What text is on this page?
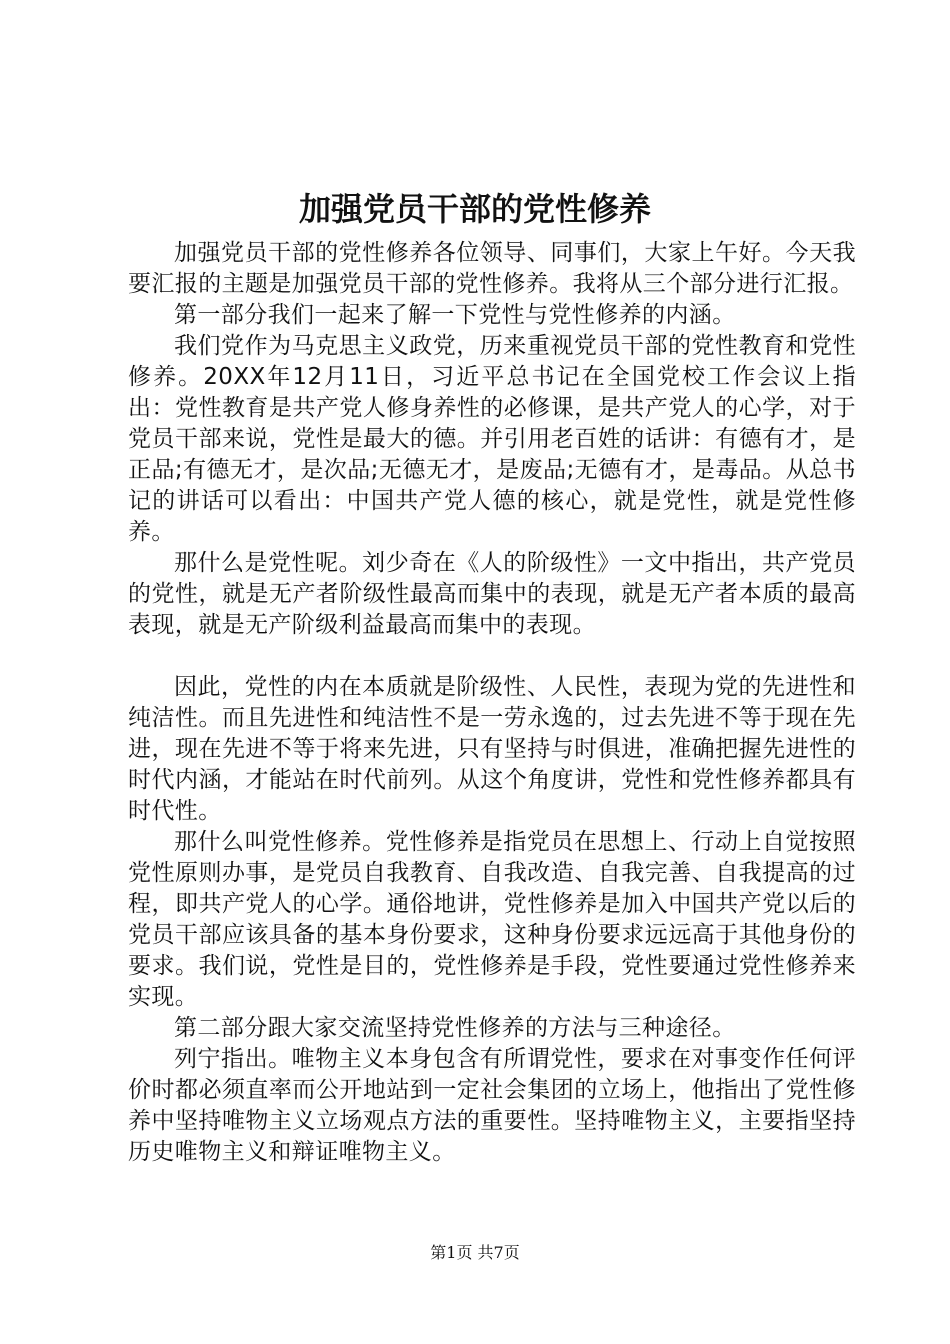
加强党员干部的党性修养

加强党员干部的党性修养各位领导、同事们，大家上午好。今天我要汇报的主题是加强党员干部的党性修养。我将从三个部分进行汇报。

第一部分我们一起来了解一下党性与党性修养的内涵。

我们党作为马克思主义政党，历来重视党员干部的党性教育和党性修养。20XX年12月11日，习近平总书记在全国党校工作会议上指出：党性教育是共产党人修身养性的必修课，是共产党人的心学，对于党员干部来说，党性是最大的德。并引用老百姓的话讲：有德有才，是正品;有德无才，是次品;无德无才，是废品;无德有才，是毒品。从总书记的讲话可以看出：中国共产党人德的核心，就是党性，就是党性修养。

那什么是党性呢。刘少奇在《人的阶级性》一文中指出，共产党员的党性，就是无产者阶级性最高而集中的表现，就是无产者本质的最高表现，就是无产阶级利益最高而集中的表现。

因此，党性的内在本质就是阶级性、人民性，表现为党的先进性和纯洁性。而且先进性和纯洁性不是一劳永逸的，过去先进不等于现在先进，现在先进不等于将来先进，只有坚持与时俱进，准确把握先进性的时代内涵，才能站在时代前列。从这个角度讲，党性和党性修养都具有时代性。

那什么叫党性修养。党性修养是指党员在思想上、行动上自觉按照党性原则办事，是党员自我教育、自我改造、自我完善、自我提高的过程，即共产党人的心学。通俗地讲，党性修养是加入中国共产党以后的党员干部应该具备的基本身份要求，这种身份要求远远高于其他身份的要求。我们说，党性是目的，党性修养是手段，党性要通过党性修养来实现。

第二部分跟大家交流坚持党性修养的方法与三种途径。

列宁指出。唯物主义本身包含有所谓党性，要求在对事变作任何评价时都必须直率而公开地站到一定社会集团的立场上，他指出了党性修养中坚持唯物主义立场观点方法的重要性。坚持唯物主义，主要指坚持历史唯物主义和辩证唯物主义。

第1页 共7页
